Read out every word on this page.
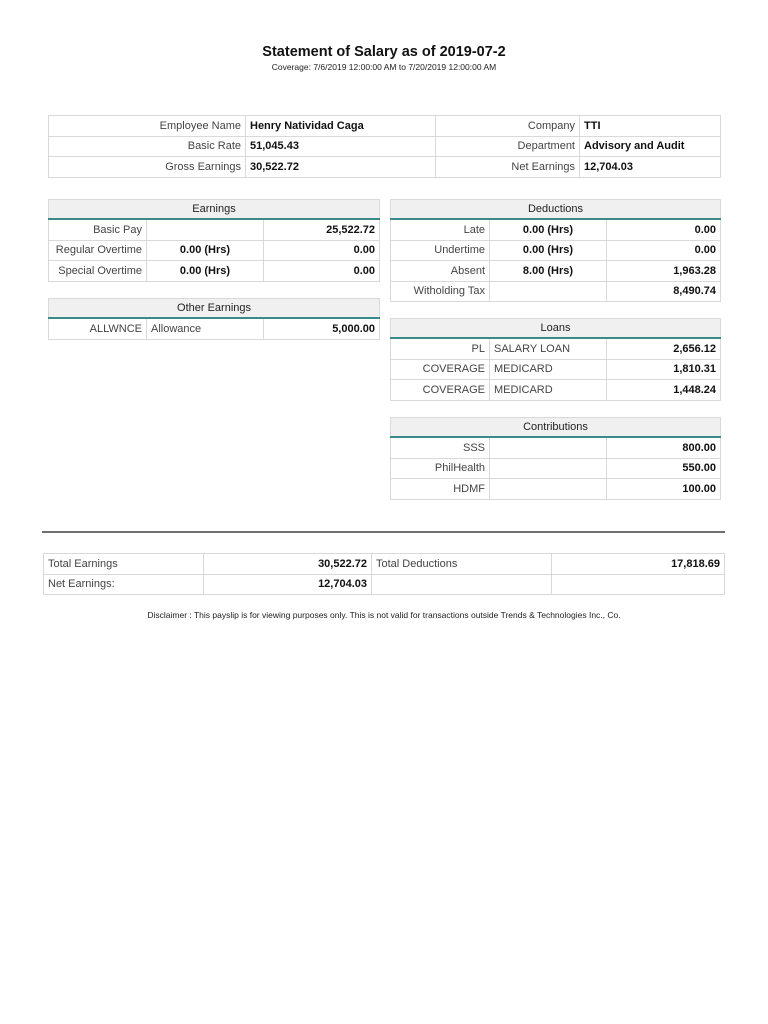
Statement of Salary as of 2019-07-2
Coverage: 7/6/2019 12:00:00 AM to 7/20/2019 12:00:00 AM
Employee Name	Henry Natividad Caga	Company	TTI
Basic Rate	51,045.43	Department	Advisory and Audit
Gross Earnings	30,522.72	Net Earnings	12,704.03
Earnings		
Basic Pay		25,522.72
Regular Overtime	0.00 (Hrs)	0.00
Special Overtime	0.00 (Hrs)	0.00
Other Earnings
ALLWNCE	Allowance	5,000.00
Deductions		
Late	0.00 (Hrs)	0.00
Undertime	0.00 (Hrs)	0.00
Absent	8.00 (Hrs)	1,963.28
Witholding Tax		8,490.74
Loans		
PL	SALARY LOAN	2,656.12
COVERAGE	MEDICARD	1,810.31
COVERAGE	MEDICARD	1,448.24
Contributions		
SSS		800.00
PhilHealth		550.00
HDMF		100.00
Total Earnings	30,522.72	Total Deductions	17,818.69
Net Earnings:	12,704.03		
Disclaimer : This payslip is for viewing purposes only. This is not valid for transactions outside Trends & Technologies Inc., Co.
